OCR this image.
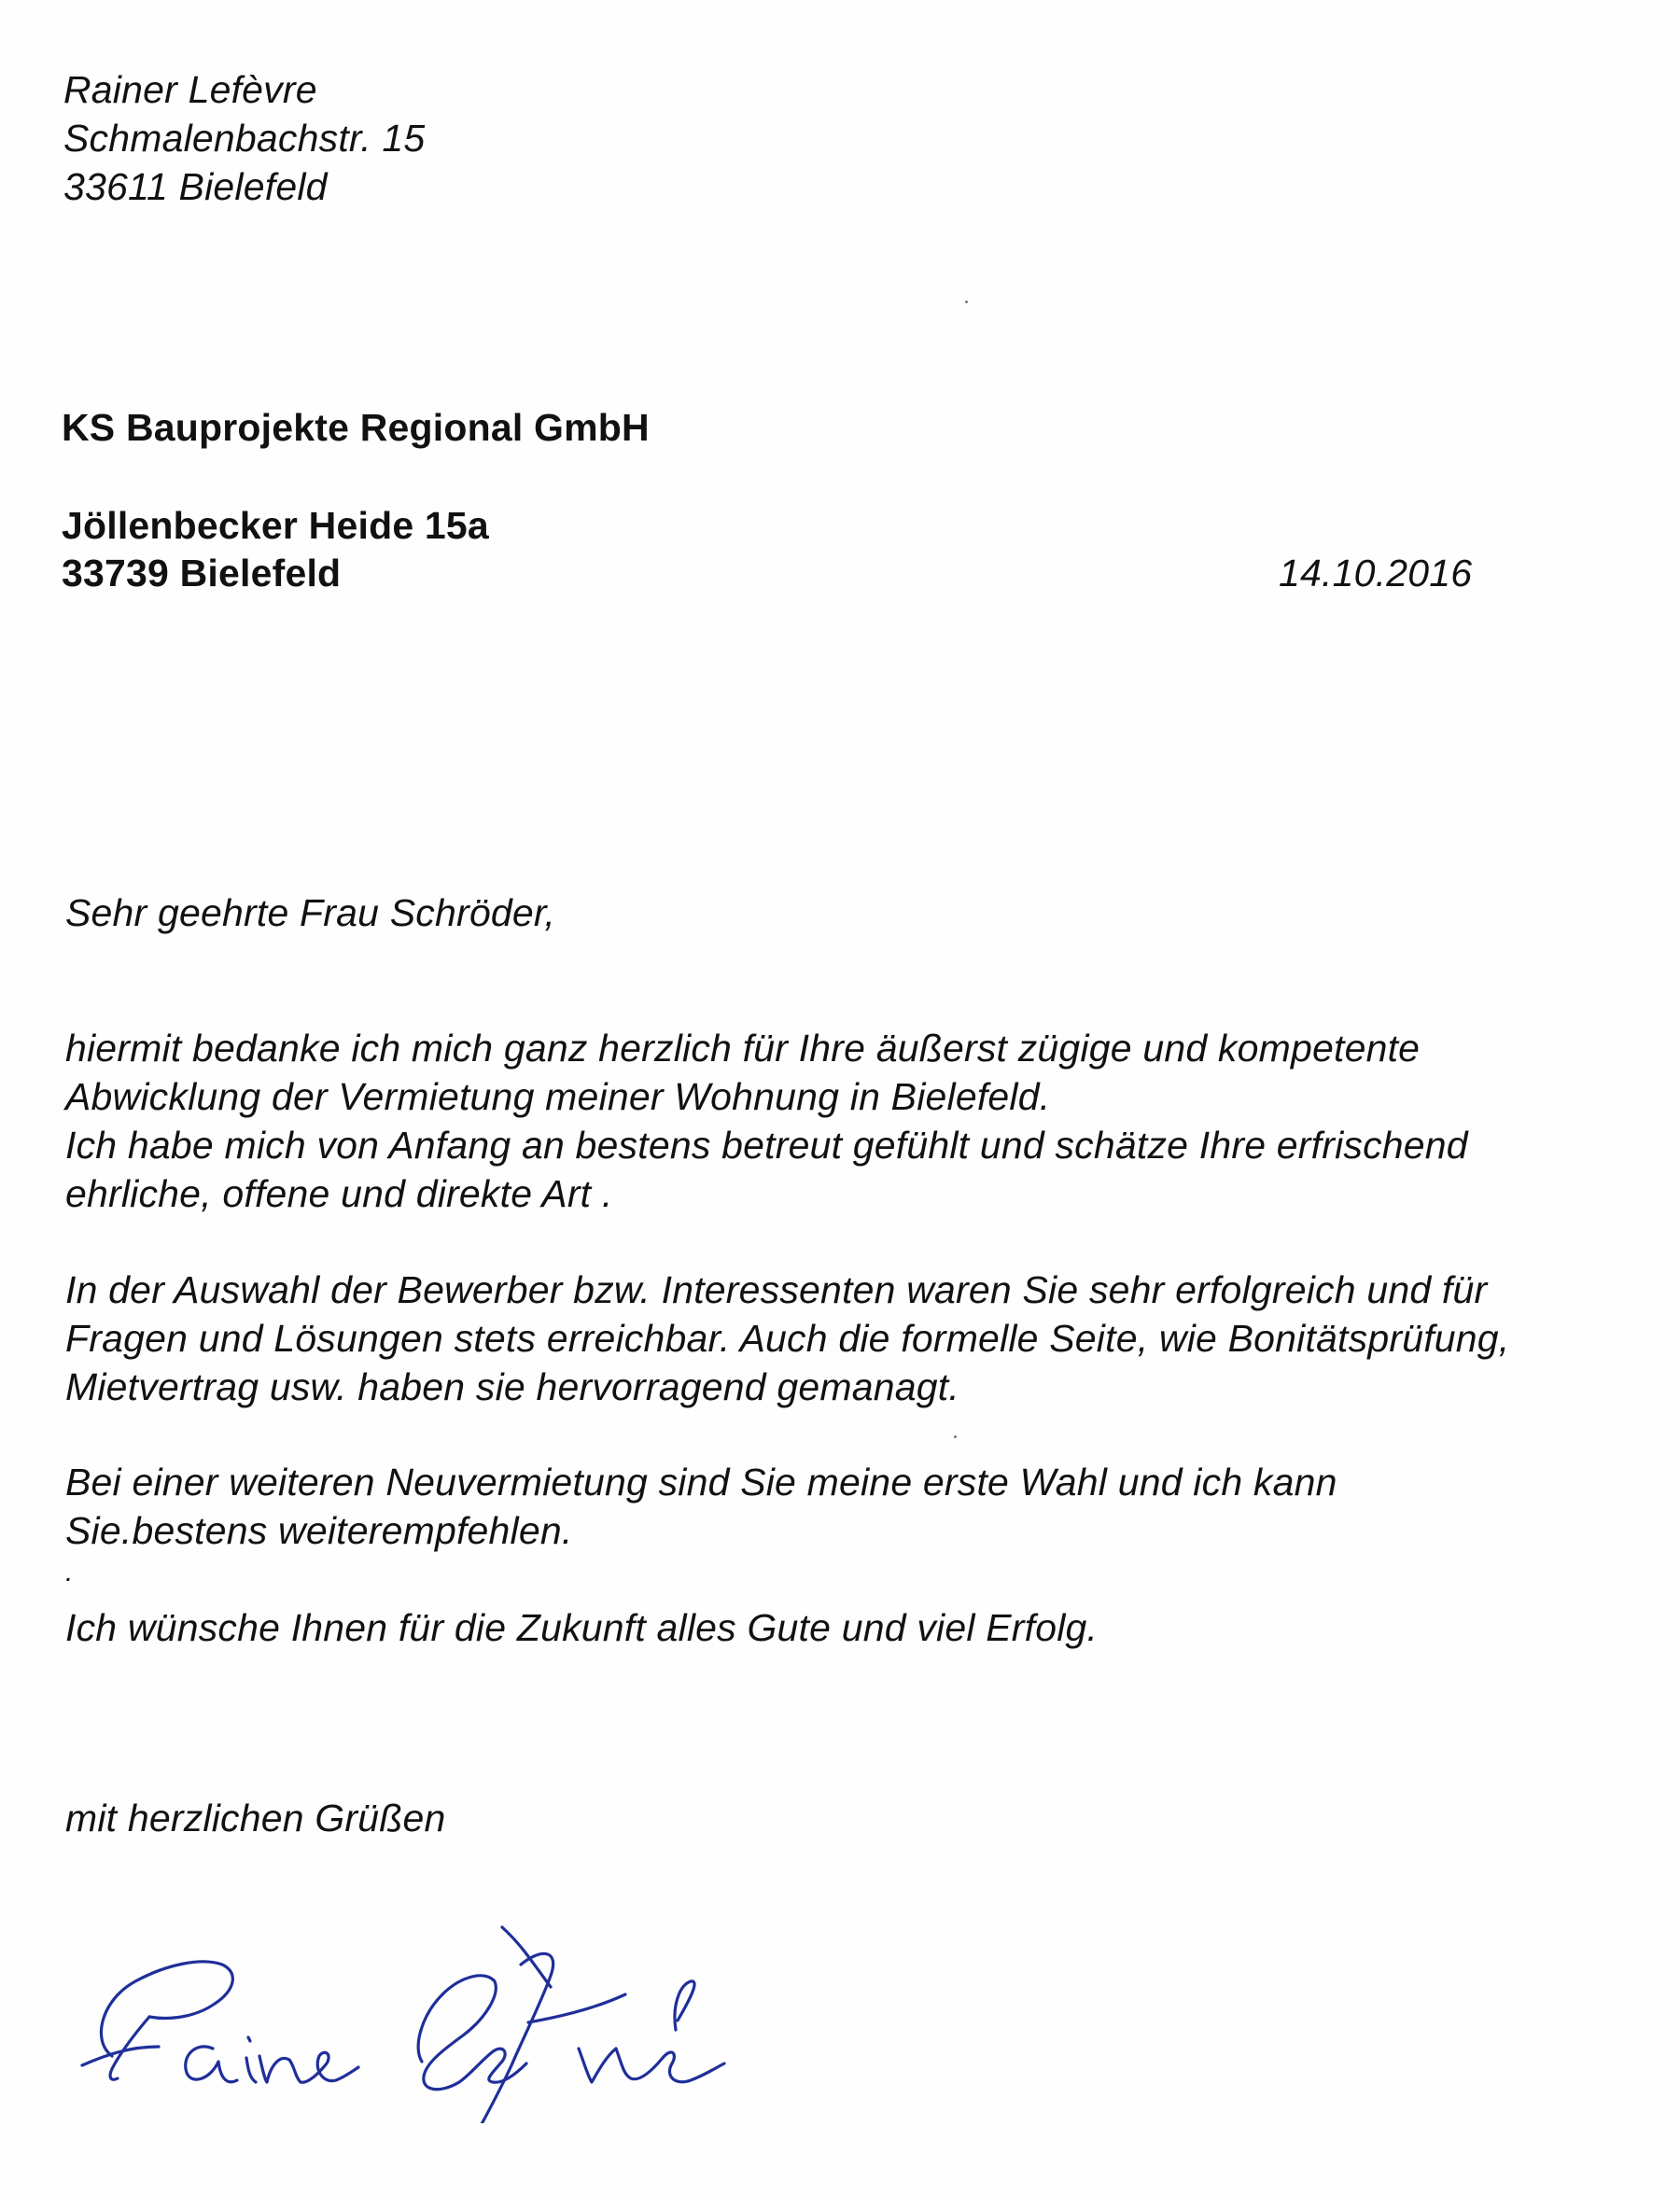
Rainer Lefèvre
Schmalenbachstr. 15
33611 Bielefeld
KS Bauprojekte Regional GmbH
Jöllenbecker Heide 15a
33739 Bielefeld	14.10.2016
Sehr geehrte Frau Schröder,
hiermit bedanke ich mich ganz herzlich für Ihre äußerst zügige und kompetente
Abwicklung der Vermietung meiner Wohnung in Bielefeld.
Ich habe mich von Anfang an bestens betreut gefühlt und schätze Ihre erfrischend
ehrliche, offene und direkte Art .
In der Auswahl der Bewerber bzw. Interessenten waren Sie sehr erfolgreich und für
Fragen und Lösungen stets erreichbar. Auch die formelle Seite, wie Bonitätsprüfung,
Mietvertrag usw. haben sie hervorragend gemanagt.
Bei einer weiteren Neuvermietung sind Sie meine erste Wahl und ich kann
Sie.bestens weiterempfehlen.
.
Ich wünsche Ihnen für die Zukunft alles Gute und viel Erfolg.
mit herzlichen Grüßen
